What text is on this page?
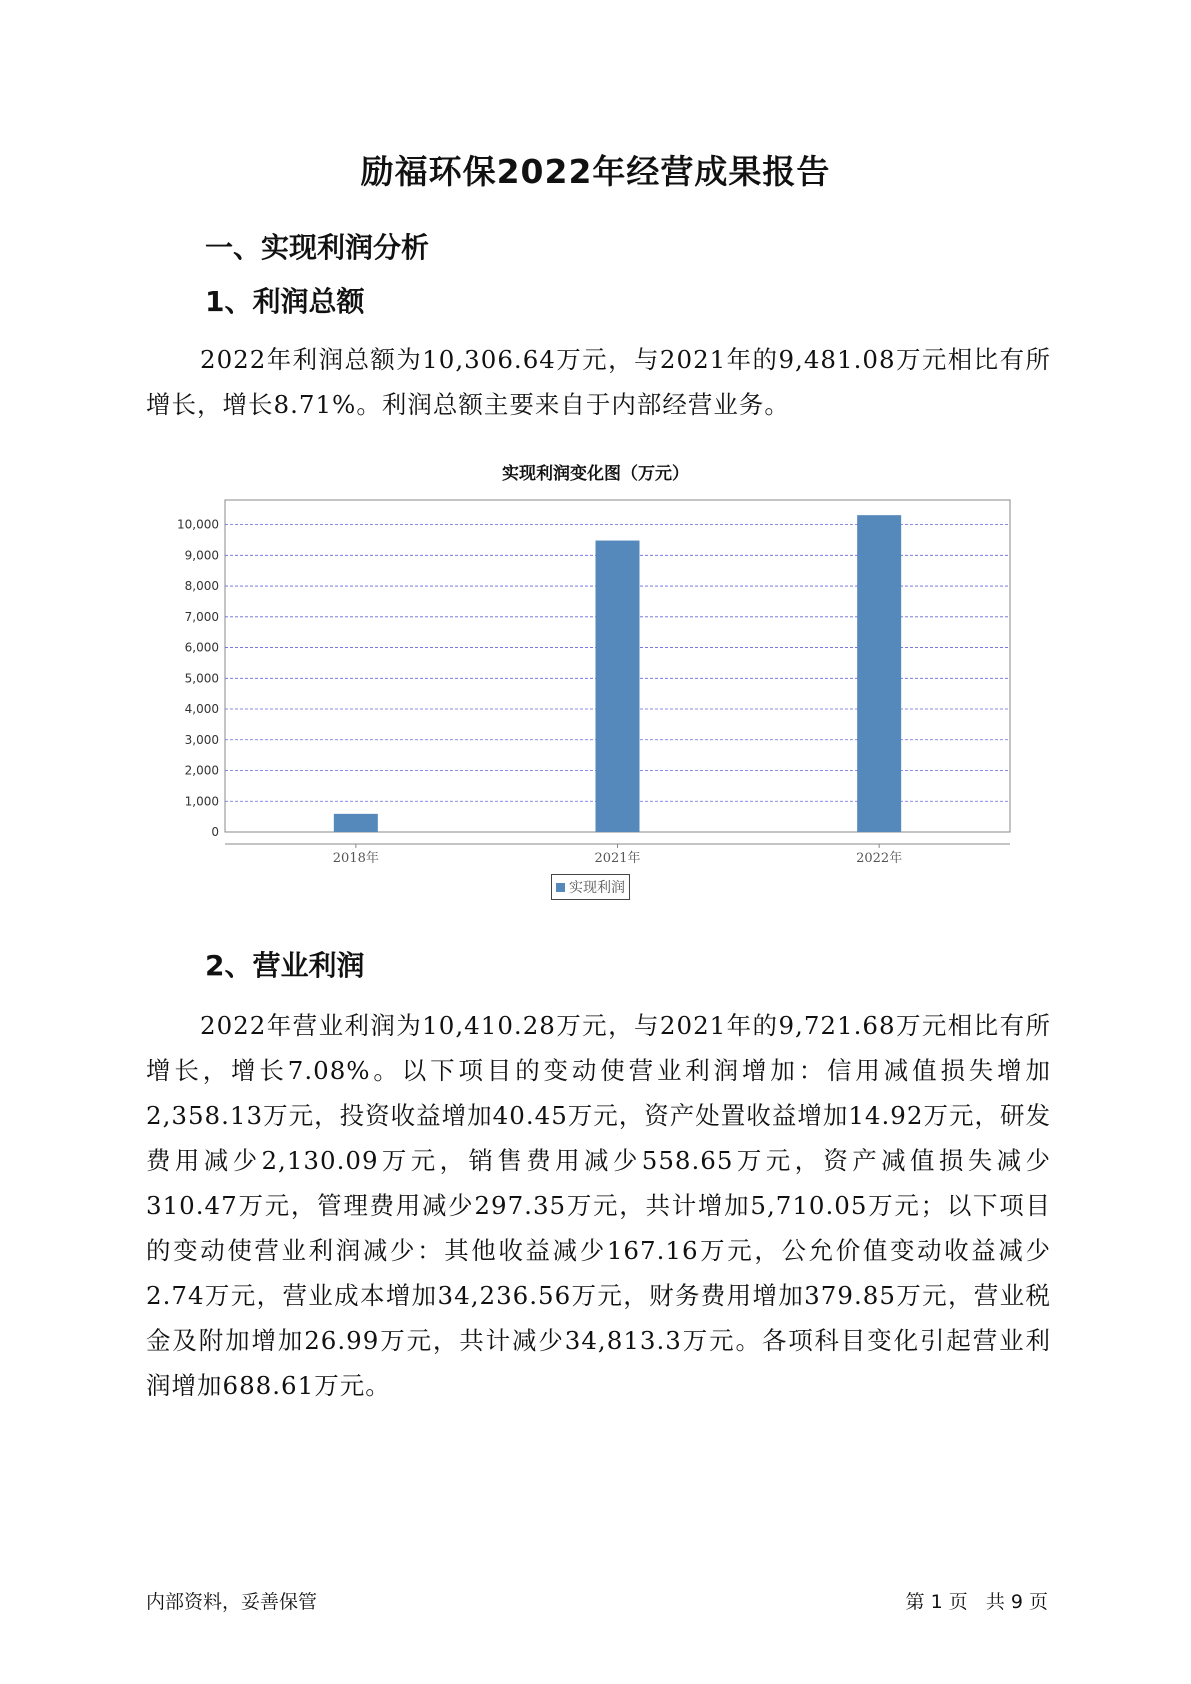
励福环保2022年经营成果报告
一、实现利润分析
1、利润总额
2022年利润总额为10,306.64万元，与2021年的9,481.08万元相比有所增长，增长8.71%。利润总额主要来自于内部经营业务。
实现利润变化图（万元）
0
1,000
2,000
3,000
4,000
5,000
6,000
7,000
8,000
9,000
10,000
2018年	2021年	2022年
实现利润
2、营业利润
2022年营业利润为10,410.28万元，与2021年的9,721.68万元相比有所增长，增长7.08%。以下项目的变动使营业利润增加：信用减值损失增加2,358.13万元，投资收益增加40.45万元，资产处置收益增加14.92万元，研发费用减少2,130.09万元，销售费用减少558.65万元，资产减值损失减少310.47万元，管理费用减少297.35万元，共计增加5,710.05万元；以下项目的变动使营业利润减少：其他收益减少167.16万元，公允价值变动收益减少2.74万元，营业成本增加34,236.56万元，财务费用增加379.85万元，营业税金及附加增加26.99万元，共计减少34,813.3万元。各项科目变化引起营业利润增加688.61万元。
内部资料，妥善保管	第 1 页   共 9 页
